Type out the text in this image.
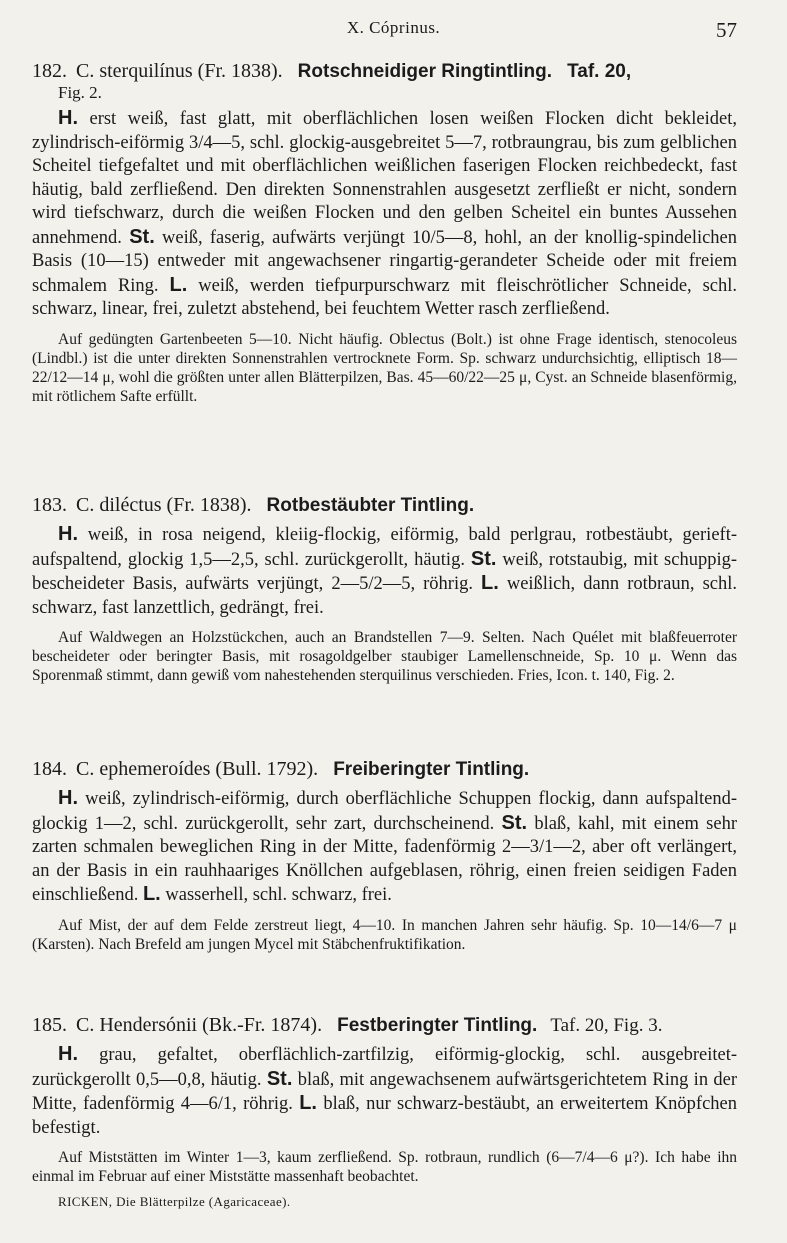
X. Cóprinus.	57

182. C. sterquilínus (Fr. 1838). Rotschneidiger Ringtintling. Taf. 20,

Fig. 2.

H. erst weiß, fast glatt, mit oberflächlichen losen weißen Flocken dicht bekleidet, zylindrisch-eiförmig 3/4—5, schl. glockig-ausgebreitet 5—7, rotbraungrau, bis zum gelblichen Scheitel tiefgefaltet und mit oberflächlichen weißlichen faserigen Flocken reichbedeckt, fast häutig, bald zerfließend. Den direkten Sonnenstrahlen ausgesetzt zerfließt er nicht, sondern wird tiefschwarz, durch die weißen Flocken und den gelben Scheitel ein buntes Aussehen annehmend. St. weiß, faserig, aufwärts verjüngt 10/5—8, hohl, an der knollig-spindelichen Basis (10—15) entweder mit angewachsener ringartig-gerandeter Scheide oder mit freiem schmalem Ring. L. weiß, werden tiefpurpurschwarz mit fleischrötlicher Schneide, schl. schwarz, linear, frei, zuletzt abstehend, bei feuchtem Wetter rasch zerfließend.

Auf gedüngten Gartenbeeten 5—10. Nicht häufig. Oblectus (Bolt.) ist ohne Frage identisch, stenocoleus (Lindbl.) ist die unter direkten Sonnenstrahlen vertrocknete Form. Sp. schwarz undurchsichtig, elliptisch 18—22/12—14 μ, wohl die größten unter allen Blätterpilzen, Bas. 45—60/22—25 μ, Cyst. an Schneide blasenförmig, mit rötlichem Safte erfüllt.

183. C. diléctus (Fr. 1838). Rotbestäubter Tintling.

H. weiß, in rosa neigend, kleiig-flockig, eiförmig, bald perlgrau, rotbestäubt, gerieft-aufspaltend, glockig 1,5—2,5, schl. zurückgerollt, häutig. St. weiß, rotstaubig, mit schuppig-bescheideter Basis, aufwärts verjüngt, 2—5/2—5, röhrig. L. weißlich, dann rotbraun, schl. schwarz, fast lanzettlich, gedrängt, frei.

Auf Waldwegen an Holzstückchen, auch an Brandstellen 7—9. Selten. Nach Quélet mit blaßfeuerroter bescheideter oder beringter Basis, mit rosagoldgelber staubiger Lamellenschneide, Sp. 10 μ. Wenn das Sporenmaß stimmt, dann gewiß vom nahestehenden sterquilinus verschieden. Fries, Icon. t. 140, Fig. 2.

184. C. ephemeroídes (Bull. 1792). Freiberingter Tintling.

H. weiß, zylindrisch-eiförmig, durch oberflächliche Schuppen flockig, dann aufspaltend-glockig 1—2, schl. zurückgerollt, sehr zart, durchscheinend. St. blaß, kahl, mit einem sehr zarten schmalen beweglichen Ring in der Mitte, fadenförmig 2—3/1—2, aber oft verlängert, an der Basis in ein rauhhaariges Knöllchen aufgeblasen, röhrig, einen freien seidigen Faden einschließend. L. wasserhell, schl. schwarz, frei.

Auf Mist, der auf dem Felde zerstreut liegt, 4—10. In manchen Jahren sehr häufig. Sp. 10—14/6—7 μ (Karsten). Nach Brefeld am jungen Mycel mit Stäbchenfruktifikation.

185. C. Hendersónii (Bk.-Fr. 1874). Festberingter Tintling. Taf. 20, Fig. 3.

H. grau, gefaltet, oberflächlich-zartfilzig, eiförmig-glockig, schl. ausgebreitet-zurückgerollt 0,5—0,8, häutig. St. blaß, mit angewachsenem aufwärtsgerichtetem Ring in der Mitte, fadenförmig 4—6/1, röhrig. L. blaß, nur schwarz-bestäubt, an erweitertem Knöpfchen befestigt.

Auf Miststätten im Winter 1—3, kaum zerfließend. Sp. rotbraun, rundlich (6—7/4—6 μ?). Ich habe ihn einmal im Februar auf einer Miststätte massenhaft beobachtet.

RICKEN, Die Blätterpilze (Agaricaceae).
